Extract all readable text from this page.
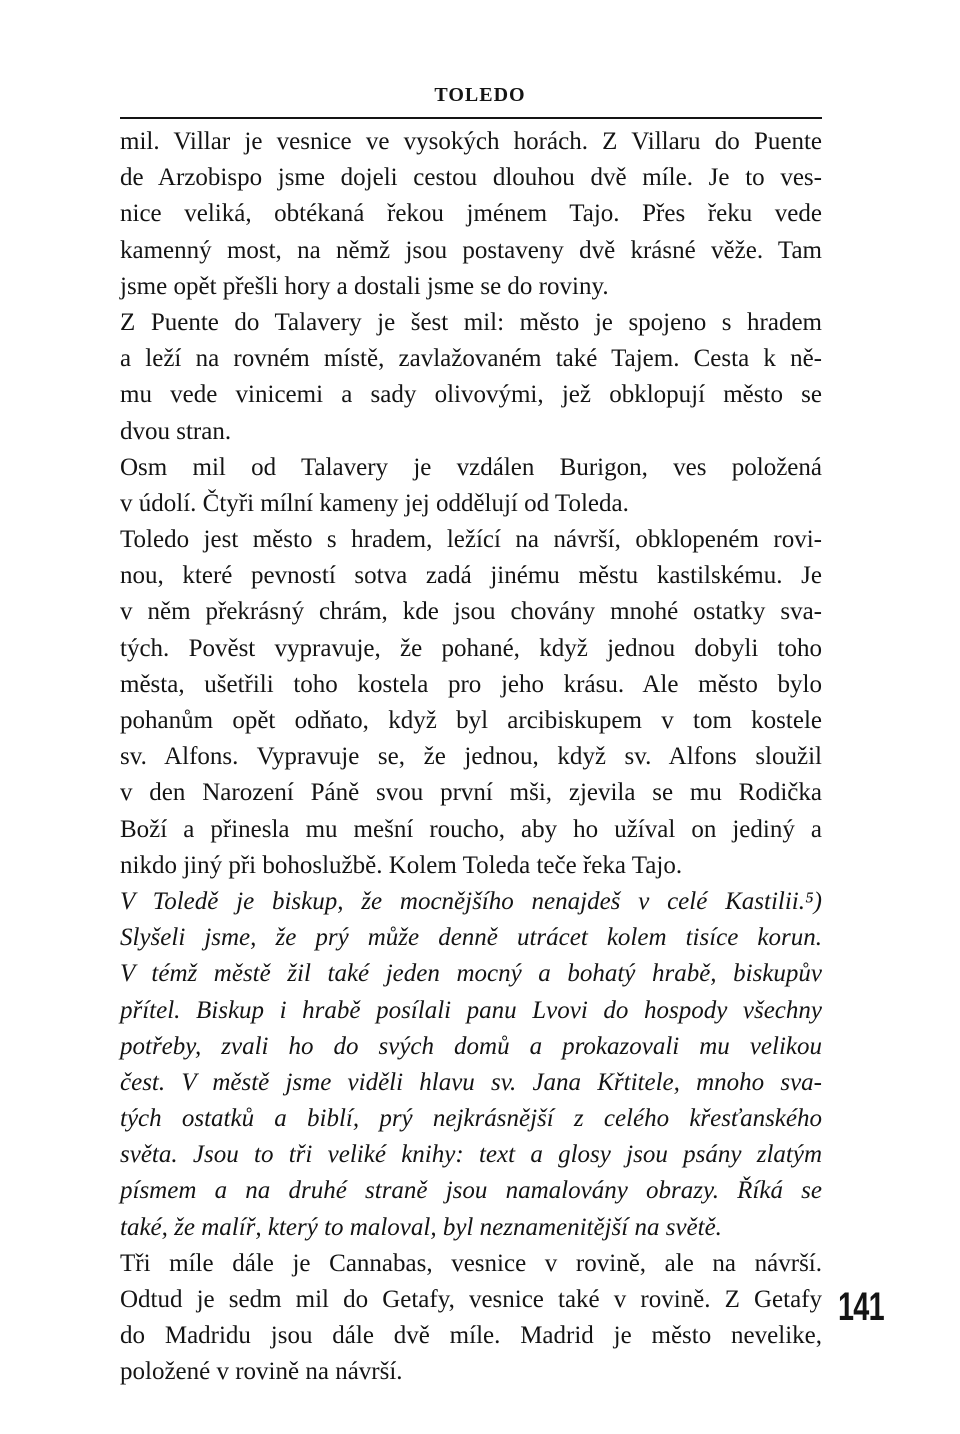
TOLEDO
mil. Villar je vesnice ve vysokých horách. Z Villaru do Puente
de Arzobispo jsme dojeli cestou dlouhou dvě míle. Je to ves-
nice veliká, obtékaná řekou jménem Tajo. Přes řeku vede
kamenný most, na němž jsou postaveny dvě krásné věže. Tam
jsme opět přešli hory a dostali jsme se do roviny.
Z Puente do Talavery je šest mil: město je spojeno s hradem
a leží na rovném místě, zavlažovaném také Tajem. Cesta k ně-
mu vede vinicemi a sady olivovými, jež obklopují město se
dvou stran.
Osm mil od Talavery je vzdálen Burigon, ves položená
v údolí. Čtyři mílní kameny jej oddělují od Toleda.
Toledo jest město s hradem, ležící na návrší, obklopeném rovi-
nou, které pevností sotva zadá jinému městu kastilskému. Je
v něm překrásný chrám, kde jsou chovány mnohé ostatky sva-
tých. Pověst vypravuje, že pohané, když jednou dobyli toho
města, ušetřili toho kostela pro jeho krásu. Ale město bylo
pohanům opět odňato, když byl arcibiskupem v tom kostele
sv. Alfons. Vypravuje se, že jednou, když sv. Alfons sloužil
v den Narození Páně svou první mši, zjevila se mu Rodička
Boží a přinesla mu mešní roucho, aby ho užíval on jediný a
nikdo jiný při bohoslužbě. Kolem Toleda teče řeka Tajo.
V Toledě je biskup, že mocnějšího nenajdeš v celé Kastilii.⁵)
Slyšeli jsme, že prý může denně utrácet kolem tisíce korun.
V témž městě žil také jeden mocný a bohatý hrabě, biskupův
přítel. Biskup i hrabě posílali panu Lvovi do hospody všechny
potřeby, zvali ho do svých domů a prokazovali mu velikou
čest. V městě jsme viděli hlavu sv. Jana Křtitele, mnoho sva-
tých ostatků a biblí, prý nejkrásnější z celého křesťanského
světa. Jsou to tři veliké knihy: text a glosy jsou psány zlatým
písmem a na druhé straně jsou namalovány obrazy. Říká se
také, že malíř, který to maloval, byl neznamenitější na světě.
Tři míle dále je Cannabas, vesnice v rovině, ale na návrší.
Odtud je sedm mil do Getafy, vesnice také v rovině. Z Getafy
do Madridu jsou dále dvě míle. Madrid je město nevelike,
položené v rovině na návrší.
141
